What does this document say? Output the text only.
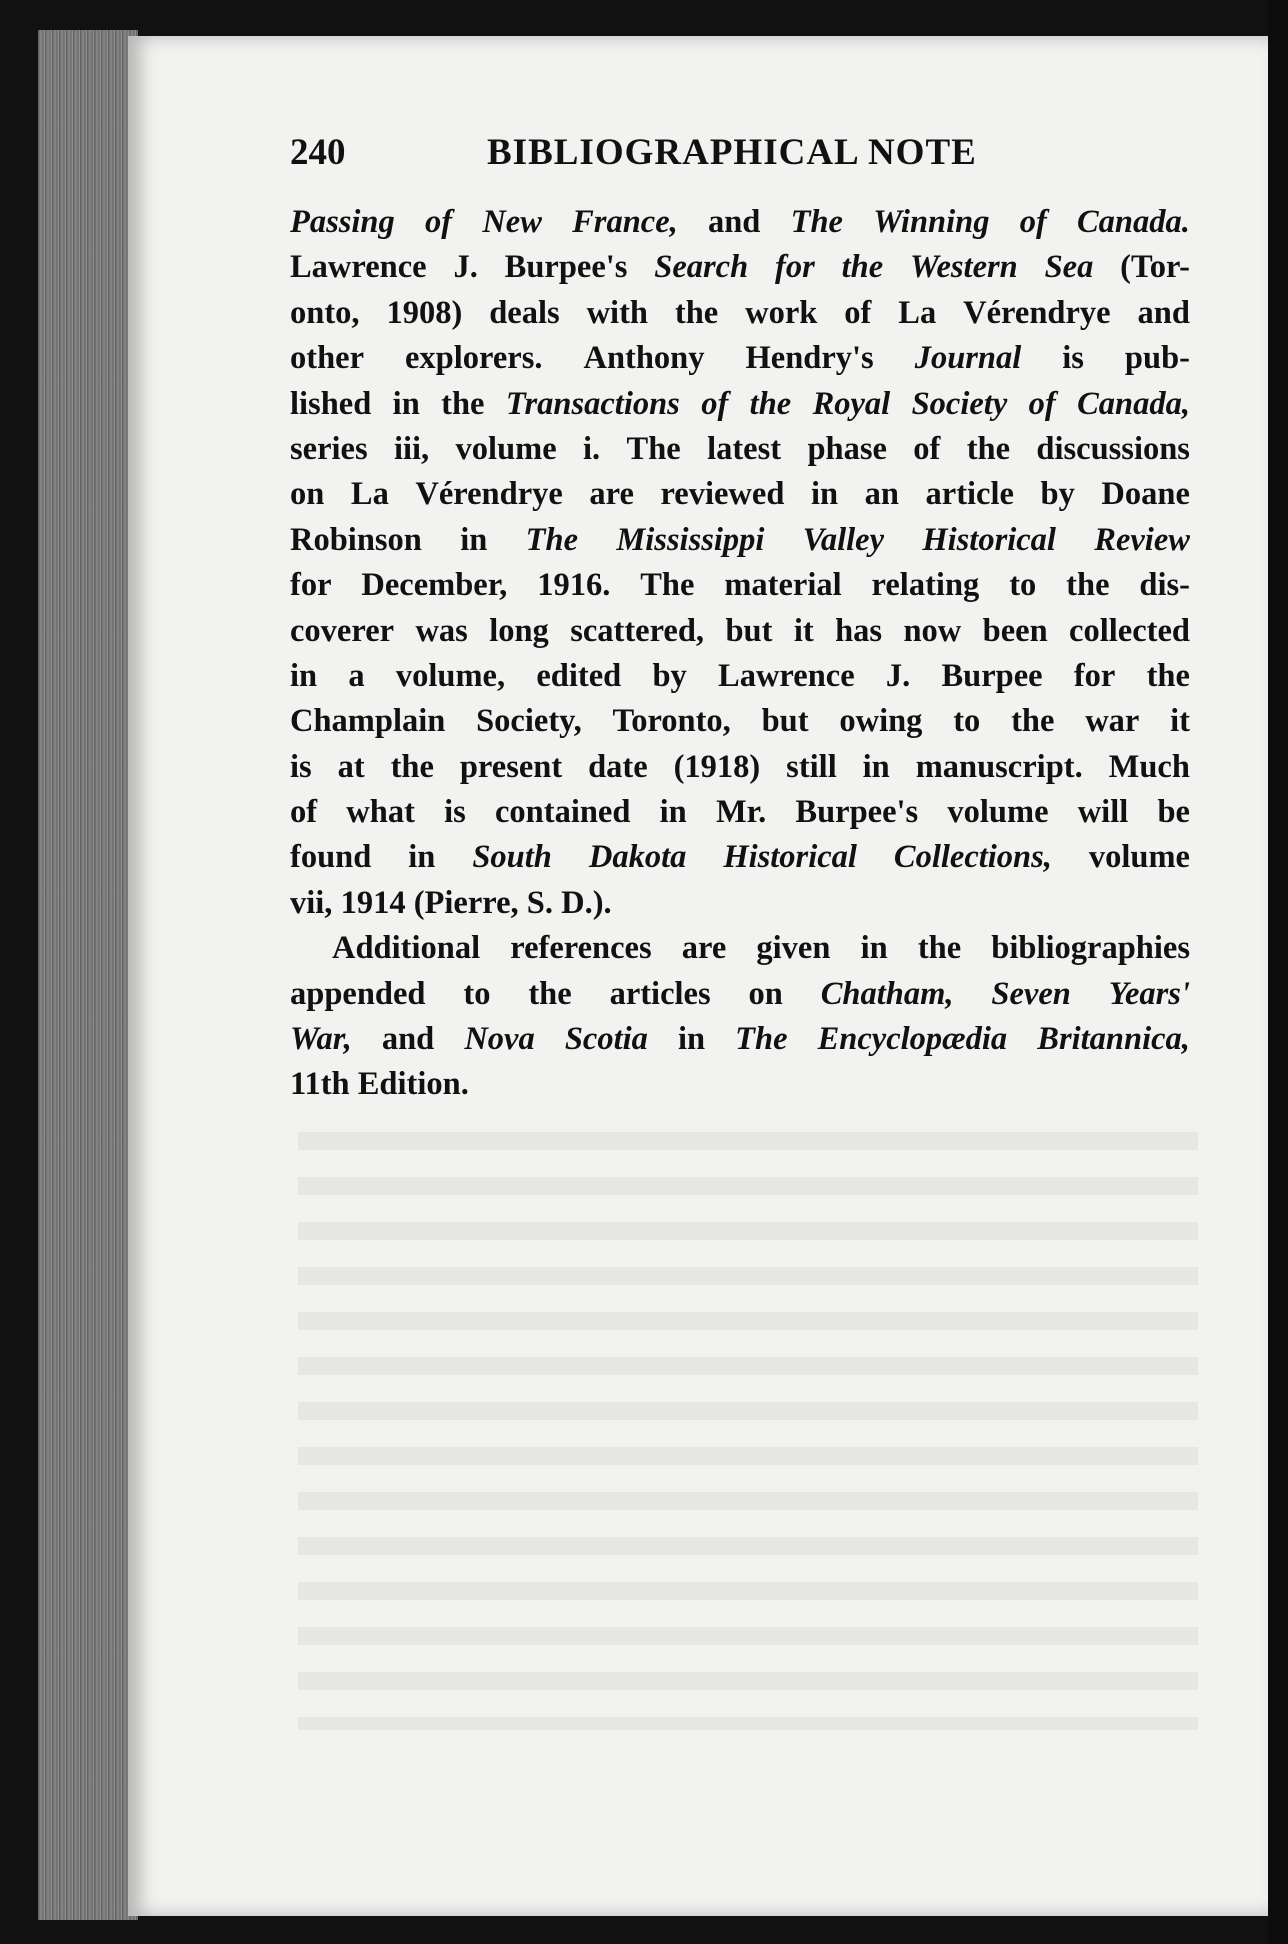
240	BIBLIOGRAPHICAL NOTE
Passing of New France, and The Winning of Canada.
Lawrence J. Burpee's Search for the Western Sea (Tor-
onto, 1908) deals with the work of La Vérendrye and
other explorers. Anthony Hendry's Journal is pub-
lished in the Transactions of the Royal Society of Canada,
series iii, volume i. The latest phase of the discussions
on La Vérendrye are reviewed in an article by Doane
Robinson in The Mississippi Valley Historical Review
for December, 1916. The material relating to the dis-
coverer was long scattered, but it has now been collected
in a volume, edited by Lawrence J. Burpee for the
Champlain Society, Toronto, but owing to the war it
is at the present date (1918) still in manuscript. Much
of what is contained in Mr. Burpee's volume will be
found in South Dakota Historical Collections, volume
vii, 1914 (Pierre, S. D.).
Additional references are given in the bibliographies
appended to the articles on Chatham, Seven Years'
War, and Nova Scotia in The Encyclopædia Britannica,
11th Edition.
